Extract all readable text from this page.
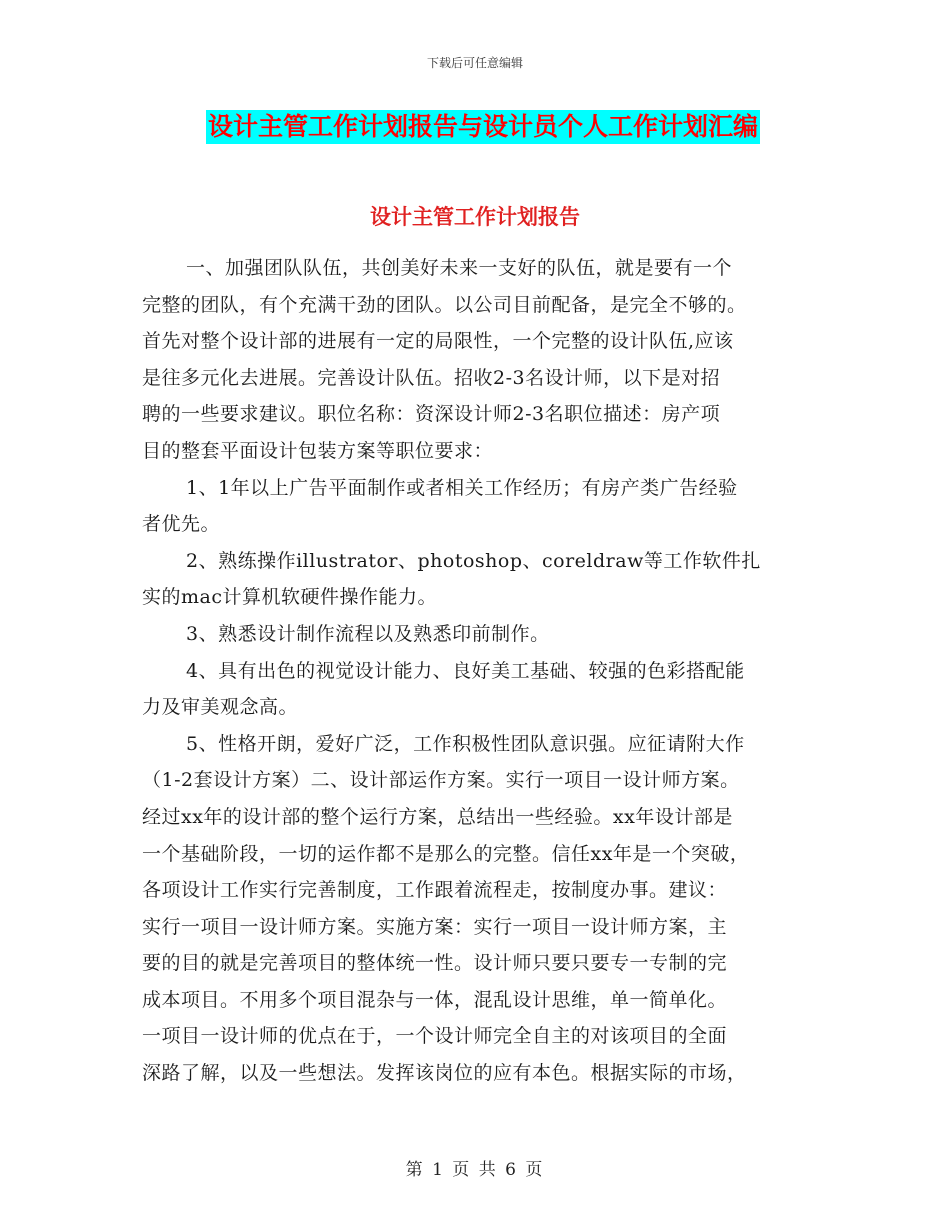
下载后可任意编辑
设计主管工作计划报告与设计员个人工作计划汇编
设计主管工作计划报告
一、加强团队队伍，共创美好未来一支好的队伍，就是要有一个
完整的团队，有个充满干劲的团队。以公司目前配备，是完全不够的。
首先对整个设计部的进展有一定的局限性，一个完整的设计队伍,应该
是往多元化去进展。完善设计队伍。招收2-3名设计师，以下是对招
聘的一些要求建议。职位名称：资深设计师2-3名职位描述：房产项
目的整套平面设计包装方案等职位要求：
1、1年以上广告平面制作或者相关工作经历；有房产类广告经验
者优先。
2、熟练操作illustrator、photoshop、coreldraw等工作软件扎
实的mac计算机软硬件操作能力。
3、熟悉设计制作流程以及熟悉印前制作。
4、具有出色的视觉设计能力、良好美工基础、较强的色彩搭配能
力及审美观念高。
5、性格开朗，爱好广泛，工作积极性团队意识强。应征请附大作
（1-2套设计方案）二、设计部运作方案。实行一项目一设计师方案。
经过xx年的设计部的整个运行方案，总结出一些经验。xx年设计部是
一个基础阶段，一切的运作都不是那么的完整。信任xx年是一个突破，
各项设计工作实行完善制度，工作跟着流程走，按制度办事。建议：
实行一项目一设计师方案。实施方案：实行一项目一设计师方案，主
要的目的就是完善项目的整体统一性。设计师只要只要专一专制的完
成本项目。不用多个项目混杂与一体，混乱设计思维，单一简单化。
一项目一设计师的优点在于，一个设计师完全自主的对该项目的全面
深路了解，以及一些想法。发挥该岗位的应有本色。根据实际的市场，
第 1 页 共 6 页
